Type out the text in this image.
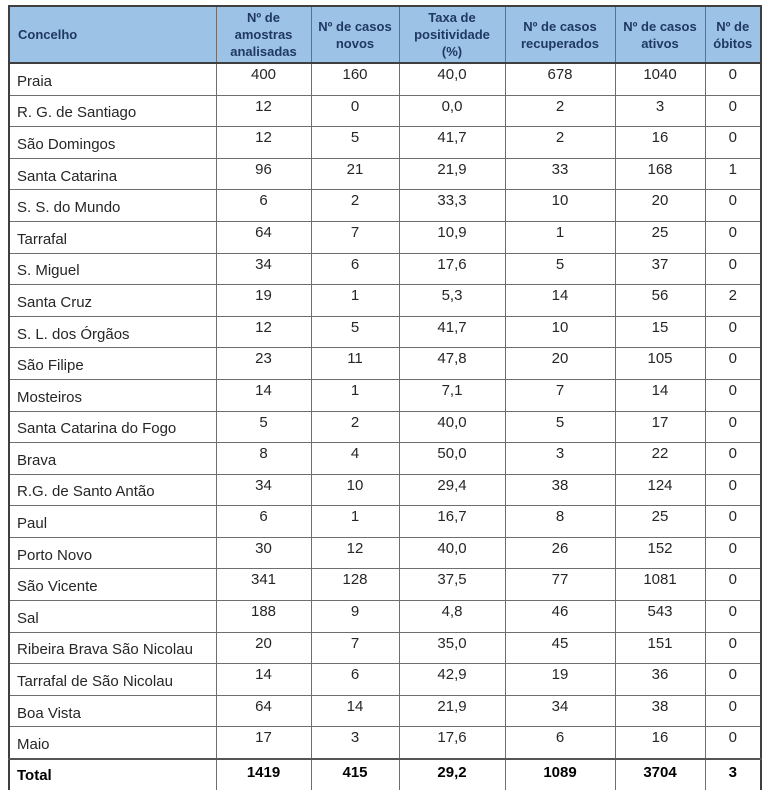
Concelho	Nº de amostras analisadas	Nº de casos novos	Taxa de positividade (%)	Nº de casos recuperados	Nº de casos ativos	Nº de óbitos
Praia	400	160	40,0	678	1040	0
R. G. de Santiago	12	0	0,0	2	3	0
São Domingos	12	5	41,7	2	16	0
Santa Catarina	96	21	21,9	33	168	1
S. S. do Mundo	6	2	33,3	10	20	0
Tarrafal	64	7	10,9	1	25	0
S. Miguel	34	6	17,6	5	37	0
Santa Cruz	19	1	5,3	14	56	2
S. L. dos Órgãos	12	5	41,7	10	15	0
São Filipe	23	11	47,8	20	105	0
Mosteiros	14	1	7,1	7	14	0
Santa Catarina do Fogo	5	2	40,0	5	17	0
Brava	8	4	50,0	3	22	0
R.G. de Santo Antão	34	10	29,4	38	124	0
Paul	6	1	16,7	8	25	0
Porto Novo	30	12	40,0	26	152	0
São Vicente	341	128	37,5	77	1081	0
Sal	188	9	4,8	46	543	0
Ribeira Brava São Nicolau	20	7	35,0	45	151	0
Tarrafal de São Nicolau	14	6	42,9	19	36	0
Boa Vista	64	14	21,9	34	38	0
Maio	17	3	17,6	6	16	0
Total	1419	415	29,2	1089	3704	3
